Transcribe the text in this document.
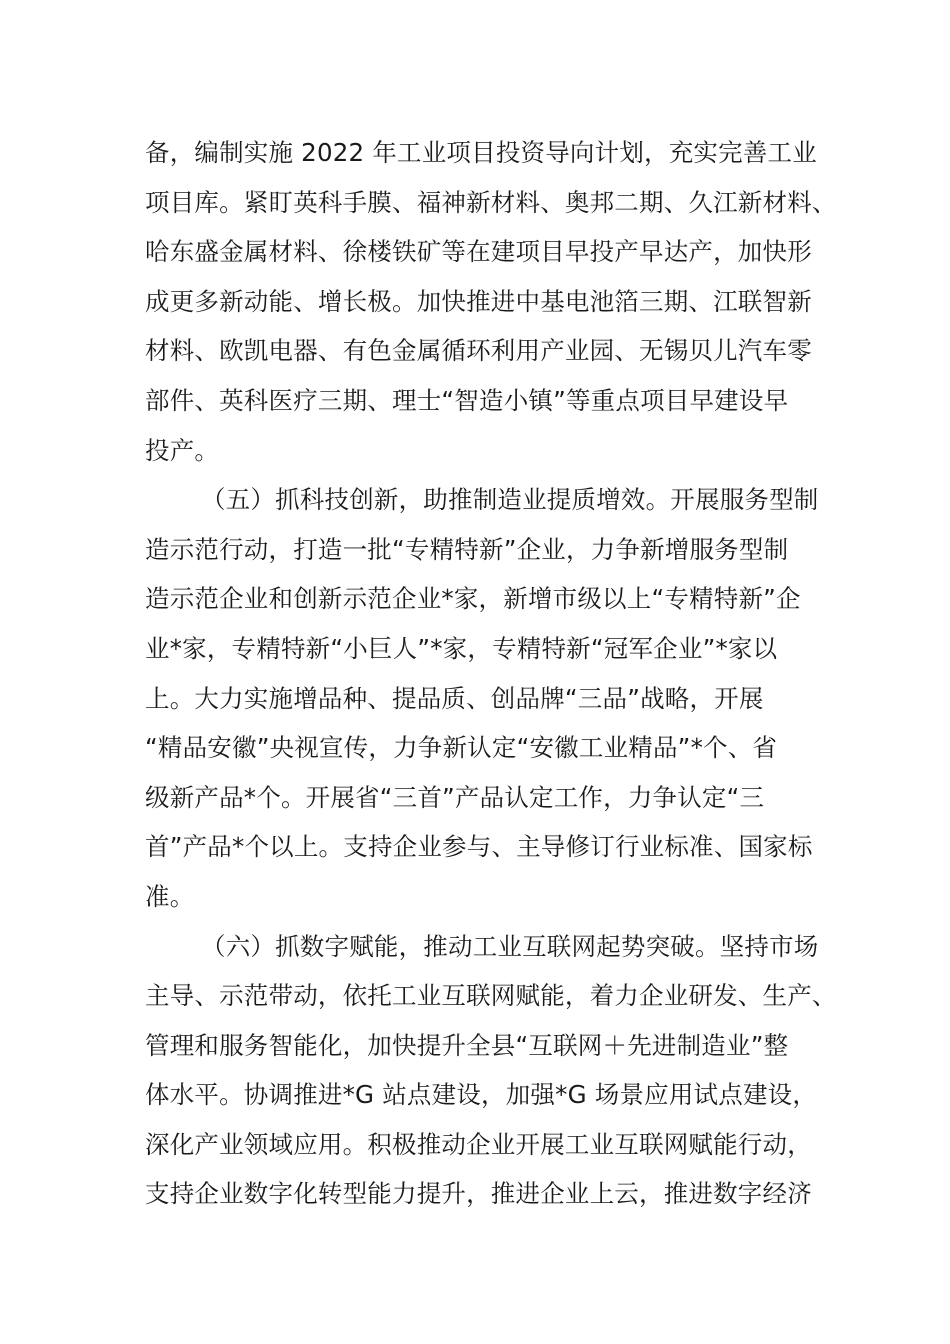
备，编制实施 2022 年工业项目投资导向计划，充实完善工业
项目库。紧盯英科手膜、福神新材料、奥邦二期、久江新材料、
哈东盛金属材料、徐楼铁矿等在建项目早投产早达产，加快形
成更多新动能、增长极。加快推进中基电池箔三期、江联智新
材料、欧凯电器、有色金属循环利用产业园、无锡贝儿汽车零
部件、英科医疗三期、理士“智造小镇”等重点项目早建设早
投产。
（五）抓科技创新，助推制造业提质增效。开展服务型制
造示范行动，打造一批“专精特新”企业，力争新增服务型制
造示范企业和创新示范企业*家，新增市级以上“专精特新”企
业*家，专精特新“小巨人”*家，专精特新“冠军企业”*家以
上。大力实施增品种、提品质、创品牌“三品”战略，开展
“精品安徽”央视宣传，力争新认定“安徽工业精品”*个、省
级新产品*个。开展省“三首”产品认定工作，力争认定“三
首”产品*个以上。支持企业参与、主导修订行业标准、国家标
准。
（六）抓数字赋能，推动工业互联网起势突破。坚持市场
主导、示范带动，依托工业互联网赋能，着力企业研发、生产、
管理和服务智能化，加快提升全县“互联网＋先进制造业”整
体水平。协调推进*G 站点建设，加强*G 场景应用试点建设，
深化产业领域应用。积极推动企业开展工业互联网赋能行动，
支持企业数字化转型能力提升，推进企业上云，推进数字经济
